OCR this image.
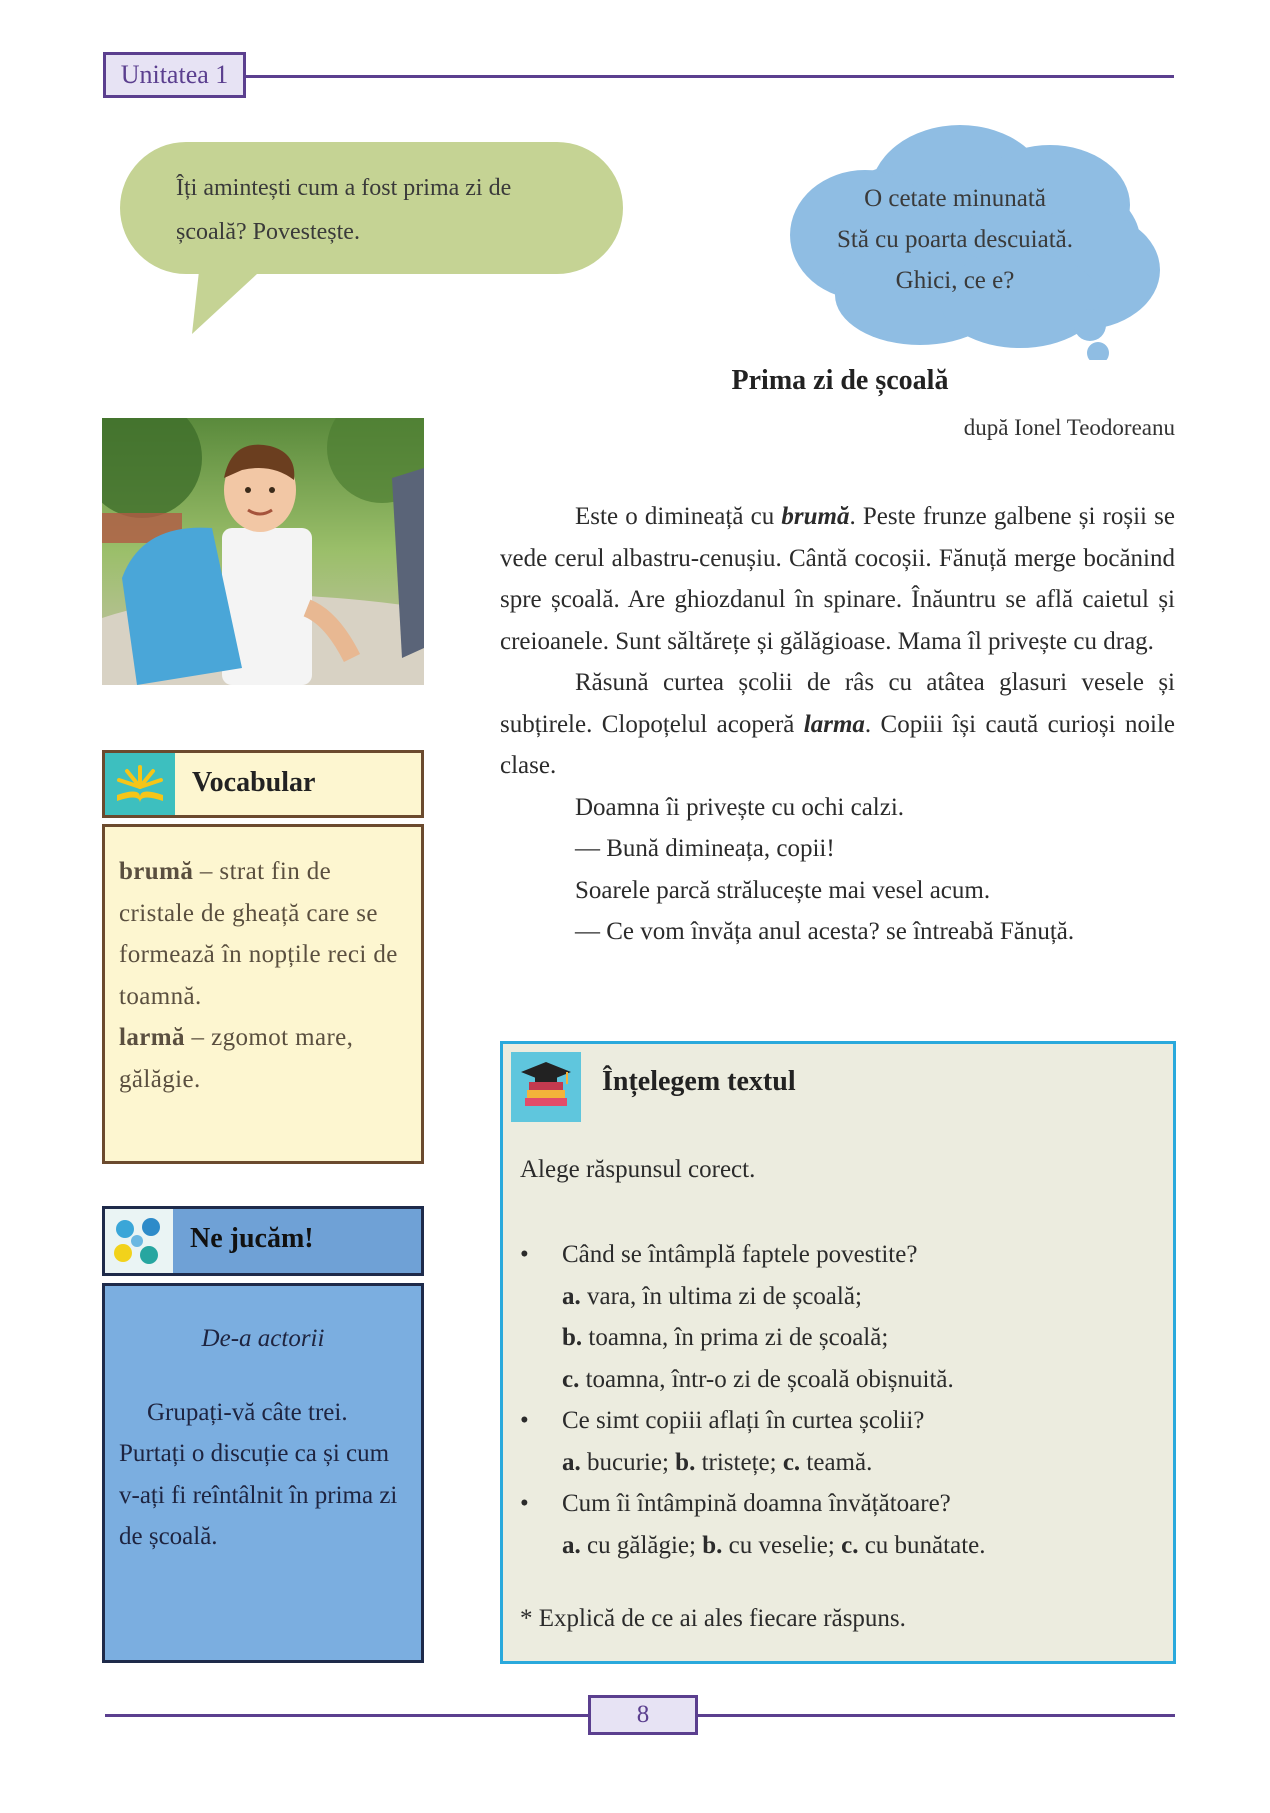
Unitatea 1
Îți amintești cum a fost prima zi de școală? Povestește.
O cetate minunată
Stă cu poarta descuiată.
Ghici, ce e?
Prima zi de școală
după Ionel Teodoreanu

Este o dimineață cu brumă. Peste frunze galbene și roșii se vede cerul albastru-cenușiu. Cântă cocoșii. Fănuță merge bocănind spre școală. Are ghiozdanul în spinare. Înăuntru se află caietul și creioanele. Sunt săltărețe și gălăgioase. Mama îl privește cu drag.

Răsună curtea școlii de râs cu atâtea glasuri vesele și subțirele. Clopoțelul acoperă larma. Copiii își caută curioși noile clase.

Doamna îi privește cu ochi calzi.

— Bună dimineața, copii!

Soarele parcă strălucește mai vesel acum.

— Ce vom învăța anul acesta? se întreabă Fănuță.

Vocabular
brumă – strat fin de cristale de gheață care se formează în nopțile reci de toamnă.
larmă – zgomot mare, gălăgie.
Ne jucăm!
De-a actorii
Grupați-vă câte trei. Purtați o discuție ca și cum v-ați fi reîntâlnit în prima zi de școală.
Înțelegem textul
Alege răspunsul corect.
•	Când se întâmplă faptele povestite?
a. vara, în ultima zi de școală;
b. toamna, în prima zi de școală;
c. toamna, într-o zi de școală obișnuită.
•	Ce simt copiii aflați în curtea școlii?
a. bucurie; b. tristețe; c. teamă.
•	Cum îi întâmpină doamna învățătoare?
a. cu gălăgie; b. cu veselie; c. cu bunătate.
* Explică de ce ai ales fiecare răspuns.
8
